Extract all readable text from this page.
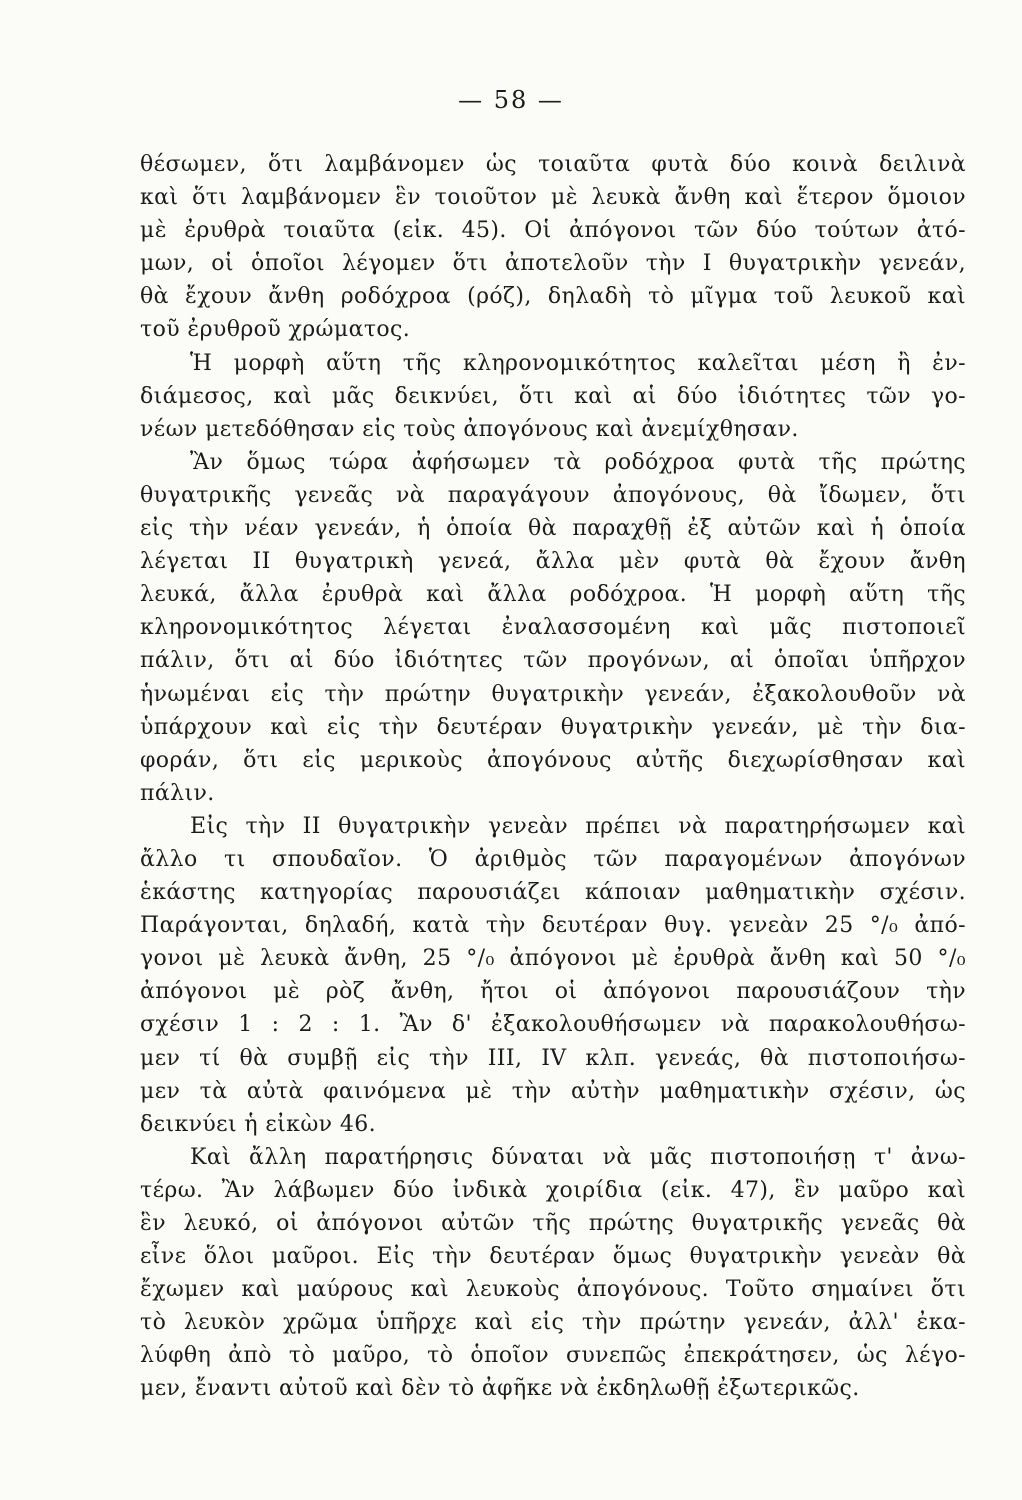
— 58 —
θέσωμεν, ὅτι λαμβάνομεν ὡς τοιαῦτα φυτὰ δύο κοινὰ δειλινὰ
καὶ ὅτι λαμβάνομεν ἓν τοιοῦτον μὲ λευκὰ ἄνθη καὶ ἕτερον ὅμοιον
μὲ ἐρυθρὰ τοιαῦτα (εἰκ. 45). Οἱ ἀπόγονοι τῶν δύο τούτων ἀτό-
μων, οἱ ὁποῖοι λέγομεν ὅτι ἀποτελοῦν τὴν Ι θυγατρικὴν γενεάν,
θὰ ἔχουν ἄνθη ροδόχροα (ρόζ), δηλαδὴ τὸ μῖγμα τοῦ λευκοῦ καὶ
τοῦ ἐρυθροῦ χρώματος.
Ἡ μορφὴ αὕτη τῆς κληρονομικότητος καλεῖται μέση ἢ ἐν-
διάμεσος, καὶ μᾶς δεικνύει, ὅτι καὶ αἱ δύο ἰδιότητες τῶν γο-
νέων μετεδόθησαν εἰς τοὺς ἀπογόνους καὶ ἀνεμίχθησαν.
Ἂν ὅμως τώρα ἀφήσωμεν τὰ ροδόχροα φυτὰ τῆς πρώτης
θυγατρικῆς γενεᾶς νὰ παραγάγουν ἀπογόνους, θὰ ἴδωμεν, ὅτι
εἰς τὴν νέαν γενεάν, ἡ ὁποία θὰ παραχθῇ ἐξ αὐτῶν καὶ ἡ ὁποία
λέγεται ΙΙ θυγατρικὴ γενεά, ἄλλα μὲν φυτὰ θὰ ἔχουν ἄνθη
λευκά, ἄλλα ἐρυθρὰ καὶ ἄλλα ροδόχροα. Ἡ μορφὴ αὕτη τῆς
κληρονομικότητος λέγεται ἐναλασσομένη καὶ μᾶς πιστοποιεῖ
πάλιν, ὅτι αἱ δύο ἰδιότητες τῶν προγόνων, αἱ ὁποῖαι ὑπῆρχον
ἡνωμέναι εἰς τὴν πρώτην θυγατρικὴν γενεάν, ἐξακολουθοῦν νὰ
ὑπάρχουν καὶ εἰς τὴν δευτέραν θυγατρικὴν γενεάν, μὲ τὴν δια-
φοράν, ὅτι εἰς μερικοὺς ἀπογόνους αὐτῆς διεχωρίσθησαν καὶ
πάλιν.
Εἰς τὴν ΙΙ θυγατρικὴν γενεὰν πρέπει νὰ παρατηρήσωμεν καὶ
ἄλλο τι σπουδαῖον. Ὁ ἀριθμὸς τῶν παραγομένων ἀπογόνων
ἑκάστης κατηγορίας παρουσιάζει κάποιαν μαθηματικὴν σχέσιν.
Παράγονται, δηλαδή, κατὰ τὴν δευτέραν θυγ. γενεὰν 25 °/₀ ἀπό-
γονοι μὲ λευκὰ ἄνθη, 25 °/₀ ἀπόγονοι μὲ ἐρυθρὰ ἄνθη καὶ 50 °/₀
ἀπόγονοι μὲ ρὸζ ἄνθη, ἤτοι οἱ ἀπόγονοι παρουσιάζουν τὴν
σχέσιν 1 : 2 : 1. Ἂν δ' ἐξακολουθήσωμεν νὰ παρακολουθήσω-
μεν τί θὰ συμβῇ εἰς τὴν ΙΙΙ, ΙV κλπ. γενεάς, θὰ πιστοποιήσω-
μεν τὰ αὐτὰ φαινόμενα μὲ τὴν αὐτὴν μαθηματικὴν σχέσιν, ὡς
δεικνύει ἡ εἰκὼν 46.
Καὶ ἄλλη παρατήρησις δύναται νὰ μᾶς πιστοποιήσῃ τ' ἀνω-
τέρω. Ἂν λάβωμεν δύο ἰνδικὰ χοιρίδια (εἰκ. 47), ἓν μαῦρο καὶ
ἓν λευκό, οἱ ἀπόγονοι αὐτῶν τῆς πρώτης θυγατρικῆς γενεᾶς θὰ
εἶνε ὅλοι μαῦροι. Εἰς τὴν δευτέραν ὅμως θυγατρικὴν γενεὰν θὰ
ἔχωμεν καὶ μαύρους καὶ λευκοὺς ἀπογόνους. Τοῦτο σημαίνει ὅτι
τὸ λευκὸν χρῶμα ὑπῆρχε καὶ εἰς τὴν πρώτην γενεάν, ἀλλ' ἐκα-
λύφθη ἀπὸ τὸ μαῦρο, τὸ ὁποῖον συνεπῶς ἐπεκράτησεν, ὡς λέγο-
μεν, ἔναντι αὐτοῦ καὶ δὲν τὸ ἀφῆκε νὰ ἐκδηλωθῇ ἐξωτερικῶς.
